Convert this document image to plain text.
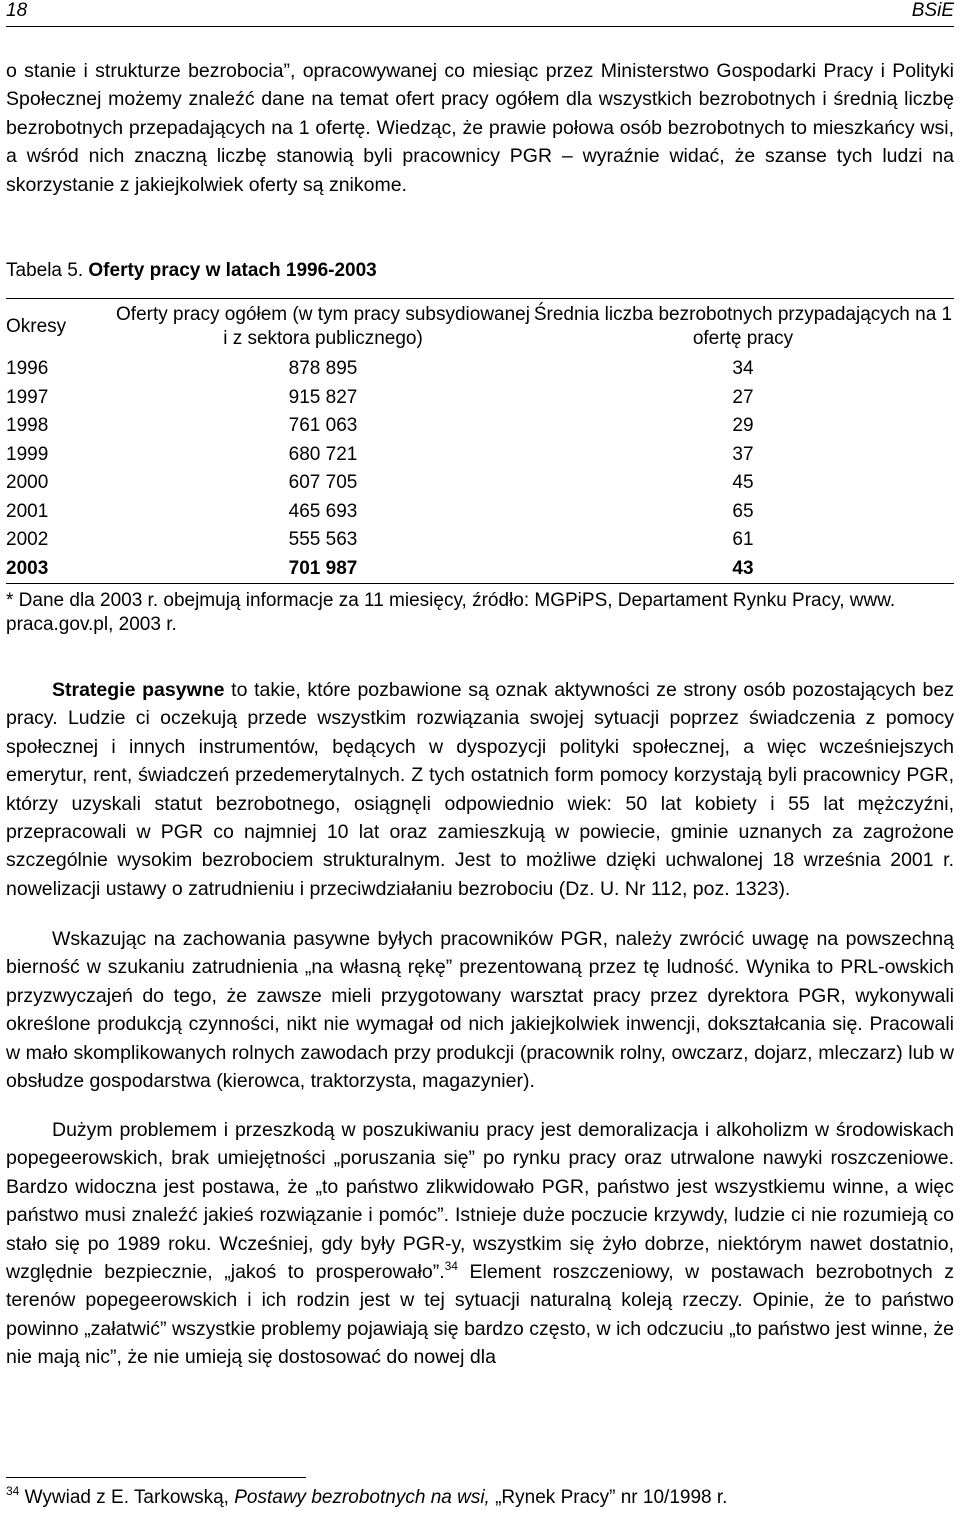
18	BSiE

o stanie i strukturze bezrobocia”, opracowywanej co miesiąc przez Ministerstwo Gospodarki Pracy i Polityki Społecznej możemy znaleźć dane na temat ofert pracy ogółem dla wszystkich bezrobotnych i średnią liczbę bezrobotnych przepadających na 1 ofertę. Wiedząc, że prawie połowa osób bezrobotnych to mieszkańcy wsi, a wśród nich znaczną liczbę stanowią byli pracownicy PGR – wyraźnie widać, że szanse tych ludzi na skorzystanie z jakiejkolwiek oferty są znikome.

Tabela 5. Oferty pracy w latach 1996-2003
Okresy	Oferty pracy ogółem (w tym pracy subsydiowanej i z sektora publicznego)	Średnia liczba bezrobotnych przypadających na 1 ofertę pracy
1996	878 895	34
1997	915 827	27
1998	761 063	29
1999	680 721	37
2000	607 705	45
2001	465 693	65
2002	555 563	61
2003	701 987	43
* Dane dla 2003 r. obejmują informacje za 11 miesięcy, źródło: MGPiPS, Departament Rynku Pracy, www. praca.gov.pl, 2003 r.

Strategie pasywne to takie, które pozbawione są oznak aktywności ze strony osób pozostających bez pracy. Ludzie ci oczekują przede wszystkim rozwiązania swojej sytuacji poprzez świadczenia z pomocy społecznej i innych instrumentów, będących w dyspozycji polityki społecznej, a więc wcześniejszych emerytur, rent, świadczeń przedemerytalnych. Z tych ostatnich form pomocy korzystają byli pracownicy PGR, którzy uzyskali statut bezrobotnego, osiągnęli odpowiednio wiek: 50 lat kobiety i 55 lat mężczyźni, przepracowali w PGR co najmniej 10 lat oraz zamieszkują w powiecie, gminie uznanych za zagrożone szczególnie wysokim bezrobociem strukturalnym. Jest to możliwe dzięki uchwalonej 18 września 2001 r. nowelizacji ustawy o zatrudnieniu i przeciwdziałaniu bezrobociu (Dz. U. Nr 112, poz. 1323).

Wskazując na zachowania pasywne byłych pracowników PGR, należy zwrócić uwagę na powszechną bierność w szukaniu zatrudnienia „na własną rękę” prezentowaną przez tę ludność. Wynika to PRL-owskich przyzwyczajeń do tego, że zawsze mieli przygotowany warsztat pracy przez dyrektora PGR, wykonywali określone produkcją czynności, nikt nie wymagał od nich jakiejkolwiek inwencji, dokształcania się. Pracowali w mało skomplikowanych rolnych zawodach przy produkcji (pracownik rolny, owczarz, dojarz, mleczarz) lub w obsłudze gospodarstwa (kierowca, traktorzysta, magazynier).

Dużym problemem i przeszkodą w poszukiwaniu pracy jest demoralizacja i alkoholizm w środowiskach popegeerowskich, brak umiejętności „poruszania się” po rynku pracy oraz utrwalone nawyki roszczeniowe. Bardzo widoczna jest postawa, że „to państwo zlikwidowało PGR, państwo jest wszystkiemu winne, a więc państwo musi znaleźć jakieś rozwiązanie i pomóc”. Istnieje duże poczucie krzywdy, ludzie ci nie rozumieją co stało się po 1989 roku. Wcześniej, gdy były PGR-y, wszystkim się żyło dobrze, niektórym nawet dostatnio, względnie bezpiecznie, „jakoś to prosperowało”.$^{34}$ Element roszczeniowy, w postawach bezrobotnych z terenów popegeerowskich i ich rodzin jest w tej sytuacji naturalną koleją rzeczy. Opinie, że to państwo powinno „załatwić” wszystkie problemy pojawiają się bardzo często, w ich odczuciu „to państwo jest winne, że nie mają nic”, że nie umieją się dostosować do nowej dla

$^{34}$ Wywiad z E. Tarkowską, Postawy bezrobotnych na wsi, „Rynek Pracy” nr 10/1998 r.
